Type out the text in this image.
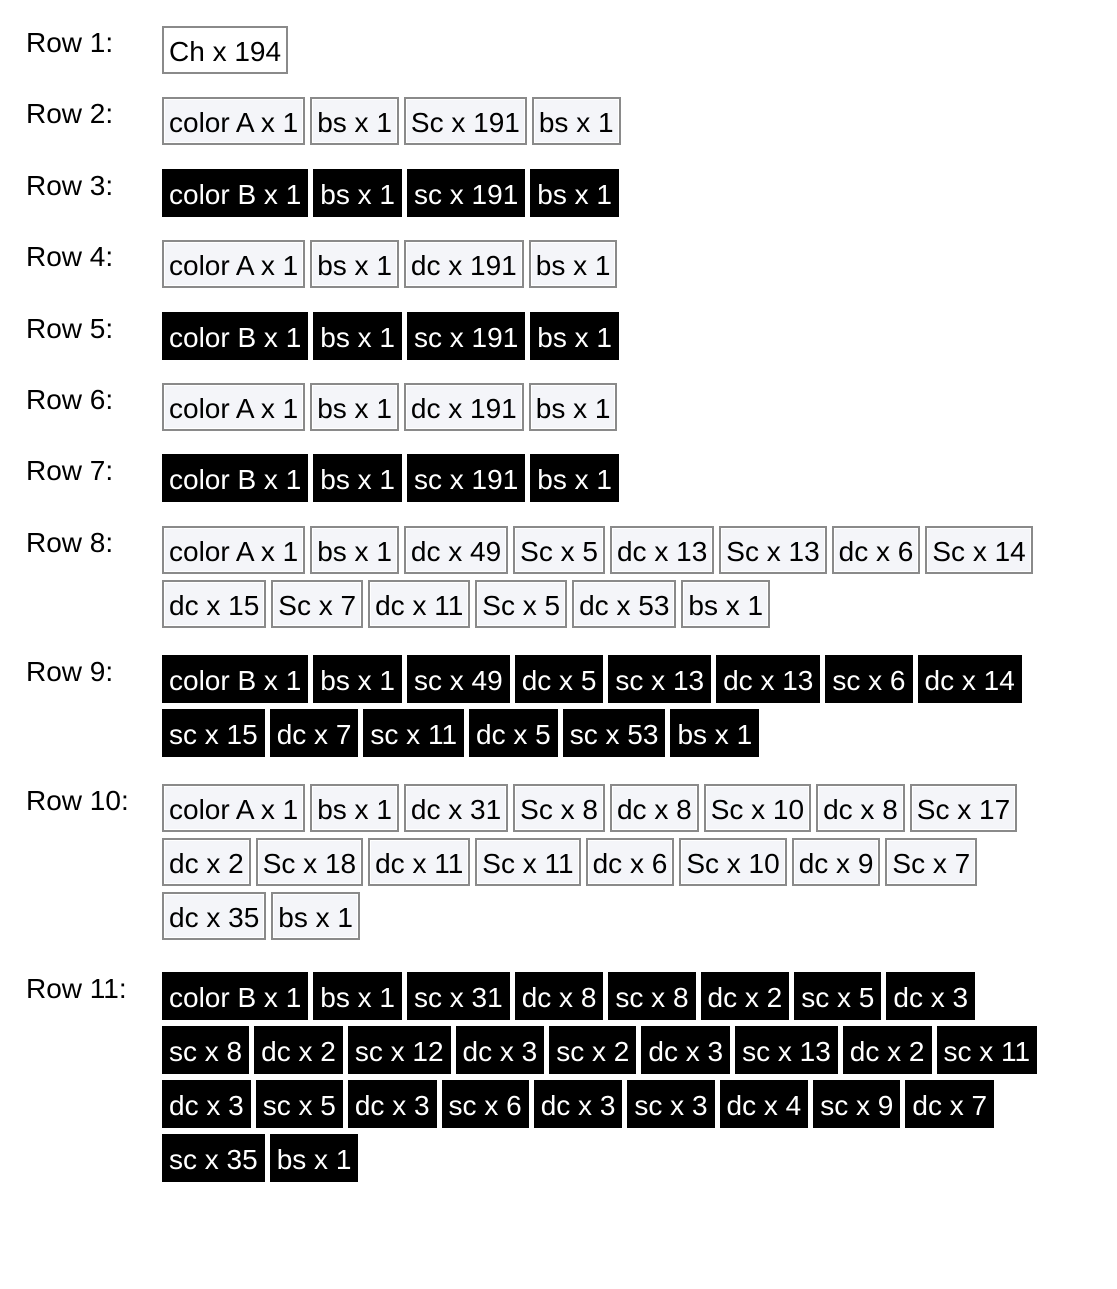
Row 1: Ch x 194
Row 2: color A x 1 bs x 1 Sc x 191 bs x 1
Row 3: color B x 1 bs x 1 sc x 191 bs x 1
Row 4: color A x 1 bs x 1 dc x 191 bs x 1
Row 5: color B x 1 bs x 1 sc x 191 bs x 1
Row 6: color A x 1 bs x 1 dc x 191 bs x 1
Row 7: color B x 1 bs x 1 sc x 191 bs x 1
Row 8: color A x 1 bs x 1 dc x 49 Sc x 5 dc x 13 Sc x 13 dc x 6 Sc x 14
dc x 15 Sc x 7 dc x 11 Sc x 5 dc x 53 bs x 1
Row 9: color B x 1 bs x 1 sc x 49 dc x 5 sc x 13 dc x 13 sc x 6 dc x 14
sc x 15 dc x 7 sc x 11 dc x 5 sc x 53 bs x 1
Row 10: color A x 1 bs x 1 dc x 31 Sc x 8 dc x 8 Sc x 10 dc x 8 Sc x 17
dc x 2 Sc x 18 dc x 11 Sc x 11 dc x 6 Sc x 10 dc x 9 Sc x 7
dc x 35 bs x 1
Row 11: color B x 1 bs x 1 sc x 31 dc x 8 sc x 8 dc x 2 sc x 5 dc x 3
sc x 8 dc x 2 sc x 12 dc x 3 sc x 2 dc x 3 sc x 13 dc x 2 sc x 11
dc x 3 sc x 5 dc x 3 sc x 6 dc x 3 sc x 3 dc x 4 sc x 9 dc x 7
sc x 35 bs x 1
